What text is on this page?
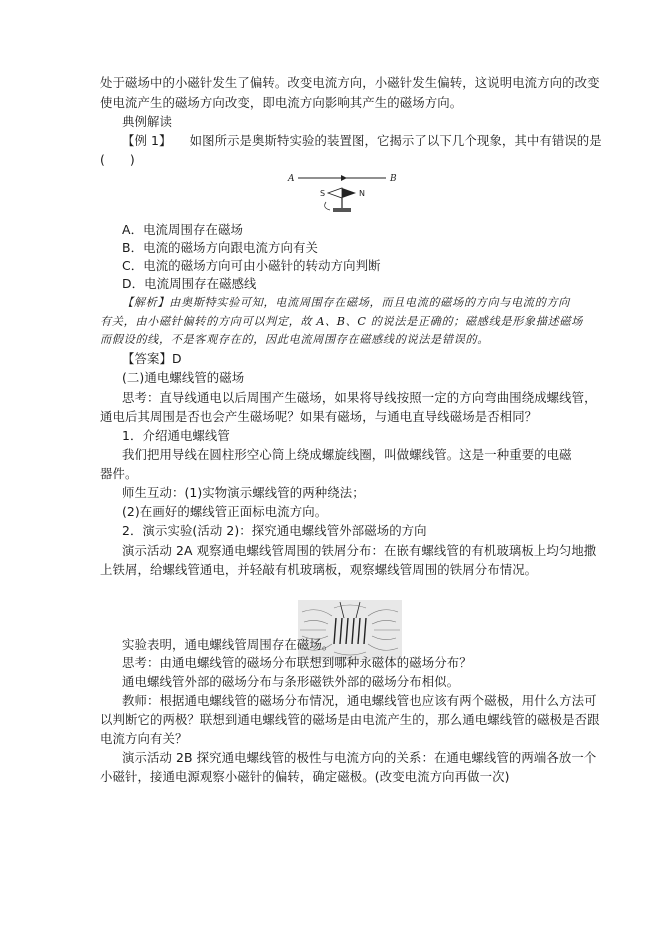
处于磁场中的小磁针发生了偏转。改变电流方向，小磁针发生偏转，这说明电流方向的改变
使电流产生的磁场方向改变，即电流方向影响其产生的磁场方向。
典例解读
【例 1】 如图所示是奥斯特实验的装置图，它揭示了以下几个现象，其中有错误的是
(　　)
A	B
S	N
A．电流周围存在磁场
B．电流的磁场方向跟电流方向有关
C．电流的磁场方向可由小磁针的转动方向判断
D．电流周围存在磁感线
【解析】由奥斯特实验可知，电流周围存在磁场，而且电流的磁场的方向与电流的方向
有关，由小磁针偏转的方向可以判定，故 A、B、C 的说法是正确的；磁感线是形象描述磁场
而假设的线，不是客观存在的，因此电流周围存在磁感线的说法是错误的。
【答案】D
(二)通电螺线管的磁场
思考：直导线通电以后周围产生磁场，如果将导线按照一定的方向弯曲围绕成螺线管，
通电后其周围是否也会产生磁场呢？如果有磁场，与通电直导线磁场是否相同？
1．介绍通电螺线管
我们把用导线在圆柱形空心筒上绕成螺旋线圈，叫做螺线管。这是一种重要的电磁
器件。
师生互动：(1)实物演示螺线管的两种绕法；
(2)在画好的螺线管正面标电流方向。
2．演示实验(活动 2)：探究通电螺线管外部磁场的方向
演示活动 2A 观察通电螺线管周围的铁屑分布：在嵌有螺线管的有机玻璃板上均匀地撒
上铁屑，给螺线管通电，并轻敲有机玻璃板，观察螺线管周围的铁屑分布情况。
实验表明，通电螺线管周围存在磁场。
思考：由通电螺线管的磁场分布联想到哪种永磁体的磁场分布？
通电螺线管外部的磁场分布与条形磁铁外部的磁场分布相似。
教师：根据通电螺线管的磁场分布情况，通电螺线管也应该有两个磁极，用什么方法可
以判断它的两极？联想到通电螺线管的磁场是由电流产生的，那么通电螺线管的磁极是否跟
电流方向有关？
演示活动 2B 探究通电螺线管的极性与电流方向的关系：在通电螺线管的两端各放一个
小磁针，接通电源观察小磁针的偏转，确定磁极。(改变电流方向再做一次)
